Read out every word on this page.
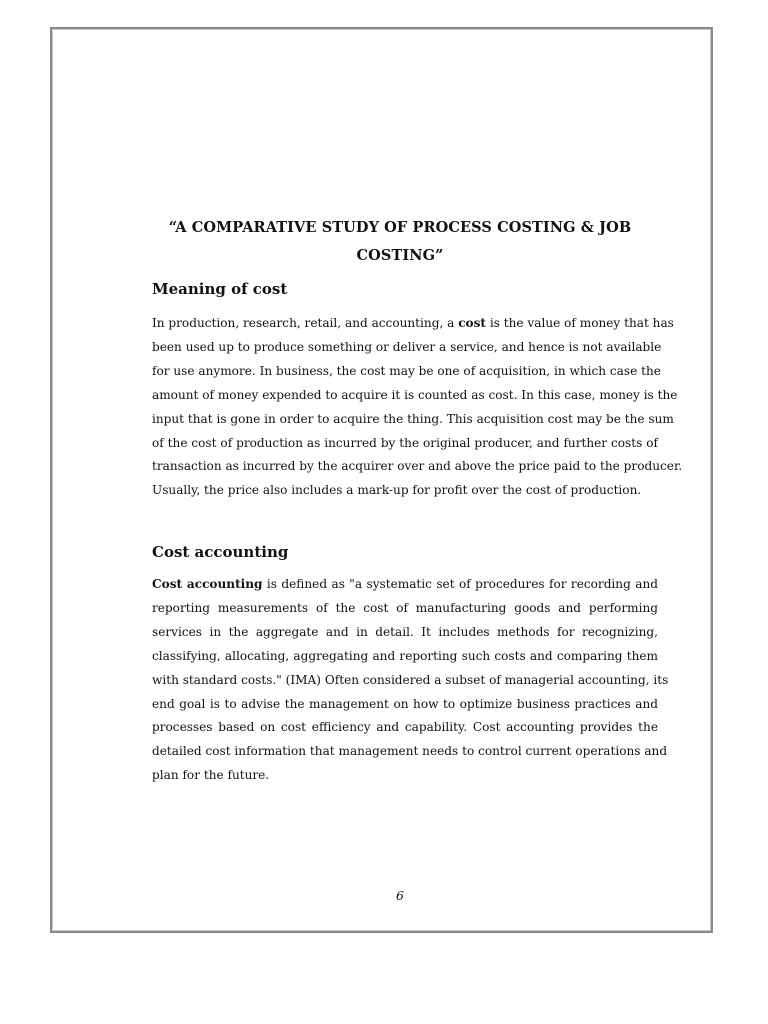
“A COMPARATIVE STUDY OF PROCESS COSTING & JOB
COSTING”
Meaning of cost
In production, research, retail, and accounting, a cost is the value of money that has
been used up to produce something or deliver a service, and hence is not available
for use anymore. In business, the cost may be one of acquisition, in which case the
amount of money expended to acquire it is counted as cost. In this case, money is the
input that is gone in order to acquire the thing. This acquisition cost may be the sum
of the cost of production as incurred by the original producer, and further costs of
transaction as incurred by the acquirer over and above the price paid to the producer.
Usually, the price also includes a mark-up for profit over the cost of production.
Cost accounting
Cost accounting is defined as "a systematic set of procedures for recording and
reporting measurements of the cost of manufacturing goods and performing
services in the aggregate and in detail. It includes methods for recognizing,
classifying, allocating, aggregating and reporting such costs and comparing them
with standard costs." (IMA) Often considered a subset of managerial accounting, its
end goal is to advise the management on how to optimize business practices and
processes based on cost efficiency and capability. Cost accounting provides the
detailed cost information that management needs to control current operations and
plan for the future.
6
